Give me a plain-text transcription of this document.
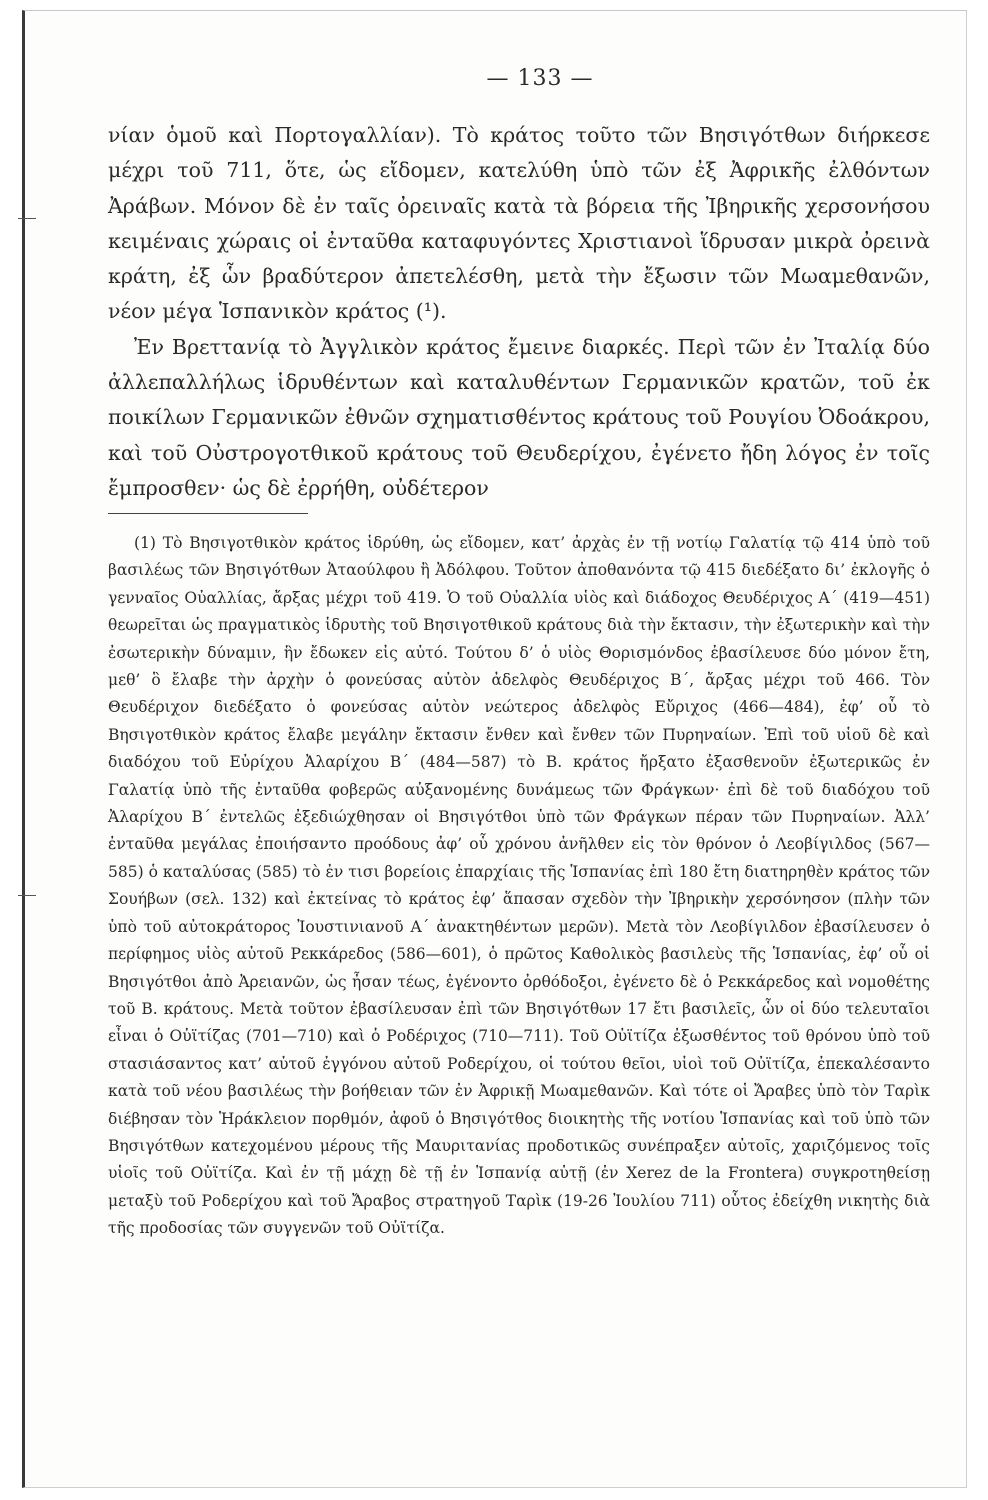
— 133 —

νίαν ὁμοῦ καὶ Πορτογαλλίαν). Τὸ κράτος τοῦτο τῶν Βησιγότθων διήρκεσε μέχρι τοῦ 711, ὅτε, ὡς εἴδομεν, κατελύθη ὑπὸ τῶν ἐξ Ἀφρικῆς ἐλθόντων Ἀράβων. Μόνον δὲ ἐν ταῖς ὀρειναῖς κατὰ τὰ βόρεια τῆς Ἰβηρικῆς χερσονήσου κειμέναις χώραις οἱ ἐνταῦθα καταφυγόντες Χριστιανοὶ ἵδρυσαν μικρὰ ὀρεινὰ κράτη, ἐξ ὧν βραδύτερον ἀπετελέσθη, μετὰ τὴν ἔξωσιν τῶν Μωαμεθανῶν, νέον μέγα Ἱσπανικὸν κράτος (¹).

Ἐν Βρεττανίᾳ τὸ Ἀγγλικὸν κράτος ἔμεινε διαρκές. Περὶ τῶν ἐν Ἰταλίᾳ δύο ἀλλεπαλλήλως ἱδρυθέντων καὶ καταλυθέντων Γερμανικῶν κρατῶν, τοῦ ἐκ ποικίλων Γερμανικῶν ἐθνῶν σχηματισθέντος κράτους τοῦ Ρουγίου Ὀδοάκρου, καὶ τοῦ Οὐστρογοτθικοῦ κράτους τοῦ Θευδερίχου, ἐγένετο ἤδη λόγος ἐν τοῖς ἔμπροσθεν· ὡς δὲ ἐρρήθη, οὐδέτερον

(1) Τὸ Βησιγοτθικὸν κράτος ἱδρύθη, ὡς εἴδομεν, κατ’ ἀρχὰς ἐν τῇ νοτίῳ Γαλατίᾳ τῷ 414 ὑπὸ τοῦ βασιλέως τῶν Βησιγότθων Ἀταούλφου ἢ Ἀδόλφου. Τοῦτον ἀποθανόντα τῷ 415 διεδέξατο δι’ ἐκλογῆς ὁ γενναῖος Οὐαλλίας, ἄρξας μέχρι τοῦ 419. Ὁ τοῦ Οὐαλλία υἱὸς καὶ διάδοχος Θευδέριχος Α΄ (419—451) θεωρεῖται ὡς πραγματικὸς ἱδρυτὴς τοῦ Βησιγοτθικοῦ κράτους διὰ τὴν ἔκτασιν, τὴν ἐξωτερικὴν καὶ τὴν ἐσωτερικὴν δύναμιν, ἣν ἔδωκεν εἰς αὐτό. Τούτου δ’ ὁ υἱὸς Θορισμόνδος ἐβασίλευσε δύο μόνον ἔτη, μεθ’ ὃ ἔλαβε τὴν ἀρχὴν ὁ φονεύσας αὐτὸν ἀδελφὸς Θευδέριχος Β΄, ἄρξας μέχρι τοῦ 466. Τὸν Θευδέριχον διεδέξατο ὁ φονεύσας αὐτὸν νεώτερος ἀδελφὸς Εὔριχος (466—484), ἐφ’ οὗ τὸ Βησιγοτθικὸν κράτος ἔλαβε μεγάλην ἔκτασιν ἔνθεν καὶ ἔνθεν τῶν Πυρηναίων. Ἐπὶ τοῦ υἱοῦ δὲ καὶ διαδόχου τοῦ Εὐρίχου Ἀλαρίχου Β΄ (484—587) τὸ Β. κράτος ἤρξατο ἐξασθενοῦν ἐξωτερικῶς ἐν Γαλατίᾳ ὑπὸ τῆς ἐνταῦθα φοβερῶς αὐξανομένης δυνάμεως τῶν Φράγκων· ἐπὶ δὲ τοῦ διαδόχου τοῦ Ἀλαρίχου Β΄ ἐντελῶς ἐξεδιώχθησαν οἱ Βησιγότθοι ὑπὸ τῶν Φράγκων πέραν τῶν Πυρηναίων. Ἀλλ’ ἐνταῦθα μεγάλας ἐποιήσαντο προόδους ἀφ’ οὗ χρόνου ἀνῆλθεν εἰς τὸν θρόνον ὁ Λεοβίγιλδος (567—585) ὁ καταλύσας (585) τὸ ἐν τισι βορείοις ἐπαρχίαις τῆς Ἱσπανίας ἐπὶ 180 ἔτη διατηρηθὲν κράτος τῶν Σουήβων (σελ. 132) καὶ ἐκτείνας τὸ κράτος ἐφ’ ἅπασαν σχεδὸν τὴν Ἰβηρικὴν χερσόνησον (πλὴν τῶν ὑπὸ τοῦ αὐτοκράτορος Ἰουστινιανοῦ Α΄ ἀνακτηθέντων μερῶν). Μετὰ τὸν Λεοβίγιλδον ἐβασίλευσεν ὁ περίφημος υἱὸς αὐτοῦ Ρεκκάρεδος (586—601), ὁ πρῶτος Καθολικὸς βασιλεὺς τῆς Ἱσπανίας, ἐφ’ οὗ οἱ Βησιγότθοι ἀπὸ Ἀρειανῶν, ὡς ἦσαν τέως, ἐγένοντο ὀρθόδοξοι, ἐγένετο δὲ ὁ Ρεκκάρεδος καὶ νομοθέτης τοῦ Β. κράτους. Μετὰ τοῦτον ἐβασίλευσαν ἐπὶ τῶν Βησιγότθων 17 ἔτι βασιλεῖς, ὧν οἱ δύο τελευταῖοι εἶναι ὁ Οὐϊτίζας (701—710) καὶ ὁ Ροδέριχος (710—711). Τοῦ Οὐϊτίζα ἐξωσθέντος τοῦ θρόνου ὑπὸ τοῦ στασιάσαντος κατ’ αὐτοῦ ἐγγόνου αὐτοῦ Ροδερίχου, οἱ τούτου θεῖοι, υἱοὶ τοῦ Οὐϊτίζα, ἐπεκαλέσαντο κατὰ τοῦ νέου βασιλέως τὴν βοήθειαν τῶν ἐν Ἀφρικῇ Μωαμεθανῶν. Καὶ τότε οἱ Ἄραβες ὑπὸ τὸν Ταρὶκ διέβησαν τὸν Ἡράκλειον πορθμόν, ἀφοῦ ὁ Βησιγότθος διοικητὴς τῆς νοτίου Ἱσπανίας καὶ τοῦ ὑπὸ τῶν Βησιγότθων κατεχομένου μέρους τῆς Μαυριτανίας προδοτικῶς συνέπραξεν αὐτοῖς, χαριζόμενος τοῖς υἱοῖς τοῦ Οὐϊτίζα. Καὶ ἐν τῇ μάχῃ δὲ τῇ ἐν Ἱσπανίᾳ αὐτῇ (ἐν Xerez de la Frontera) συγκροτηθείσῃ μεταξὺ τοῦ Ροδερίχου καὶ τοῦ Ἄραβος στρατηγοῦ Ταρὶκ (19-26 Ἰουλίου 711) οὗτος ἐδείχθη νικητὴς διὰ τῆς προδοσίας τῶν συγγενῶν τοῦ Οὐϊτίζα.
